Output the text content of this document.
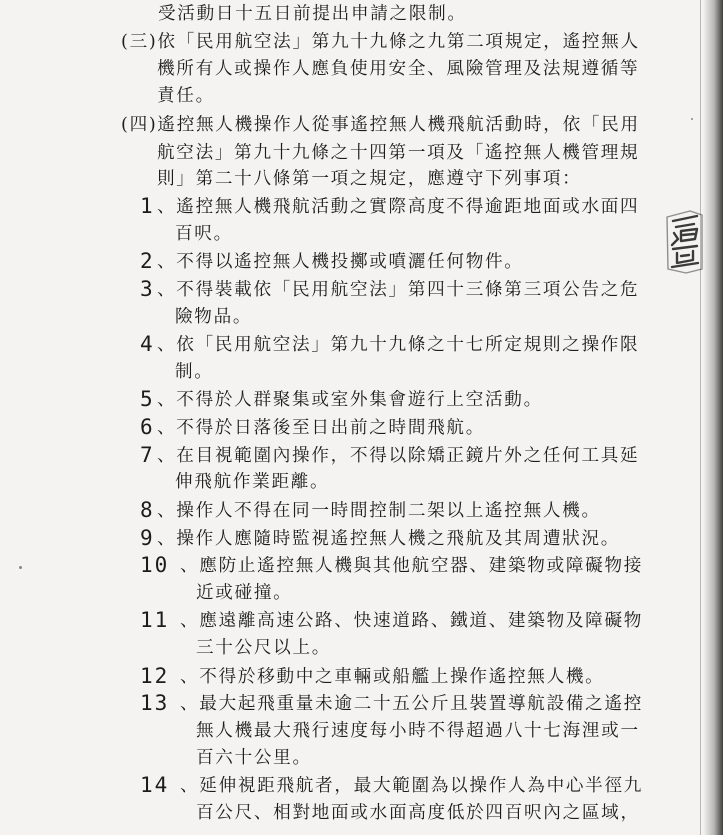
受活動日十五日前提出申請之限制。
(三)依「民用航空法」第九十九條之九第二項規定，遙控無人
機所有人或操作人應負使用安全、風險管理及法規遵循等
責任。
(四)遙控無人機操作人從事遙控無人機飛航活動時，依「民用
航空法」第九十九條之十四第一項及「遙控無人機管理規
則」第二十八條第一項之規定，應遵守下列事項：
1 、遙控無人機飛航活動之實際高度不得逾距地面或水面四
百呎。
2 、不得以遙控無人機投擲或噴灑任何物件。
3 、不得裝載依「民用航空法」第四十三條第三項公告之危
險物品。
4 、依「民用航空法」第九十九條之十七所定規則之操作限
制。
5 、不得於人群聚集或室外集會遊行上空活動。
6 、不得於日落後至日出前之時間飛航。
7 、在目視範圍內操作，不得以除矯正鏡片外之任何工具延
伸飛航作業距離。
8 、操作人不得在同一時間控制二架以上遙控無人機。
9 、操作人應隨時監視遙控無人機之飛航及其周遭狀況。
10 、應防止遙控無人機與其他航空器、建築物或障礙物接
近或碰撞。
11 、應遠離高速公路、快速道路、鐵道、建築物及障礙物
三十公尺以上。
12 、不得於移動中之車輛或船艦上操作遙控無人機。
13 、最大起飛重量未逾二十五公斤且裝置導航設備之遙控
無人機最大飛行速度每小時不得超過八十七海浬或一
百六十公里。
14 、延伸視距飛航者，最大範圍為以操作人為中心半徑九
百公尺、相對地面或水面高度低於四百呎內之區域，
